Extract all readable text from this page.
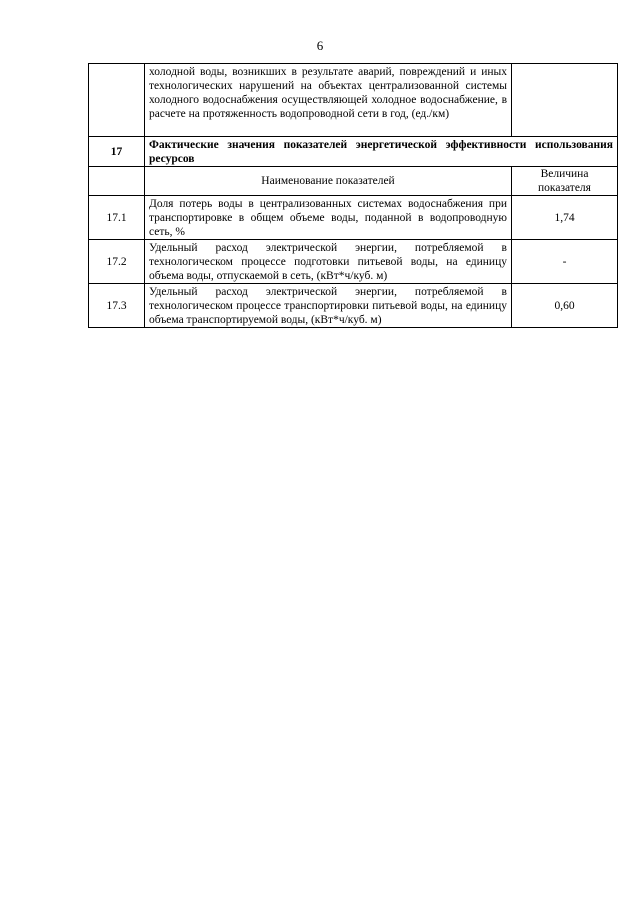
6
	холодной воды, возникших в результате аварий, повреждений и иных технологических нарушений на объектах централизованной системы холодного водоснабжения осуществляющей холодное водоснабжение, в расчете на протяженность водопроводной сети в год, (ед./км)	
17	Фактические значения показателей энергетической эффективности использования ресурсов	
	Наименование показателей	Величина показателя
17.1	Доля потерь воды в централизованных системах водоснабжения при транспортировке в общем объеме воды, поданной в водопроводную сеть, %	1,74
17.2	Удельный расход электрической энергии, потребляемой в технологическом процессе подготовки питьевой воды, на единицу объема воды, отпускаемой в сеть, (кВт*ч/куб. м)	-
17.3	Удельный расход электрической энергии, потребляемой в технологическом процессе транспортировки питьевой воды, на единицу объема транспортируемой воды, (кВт*ч/куб. м)	0,60
